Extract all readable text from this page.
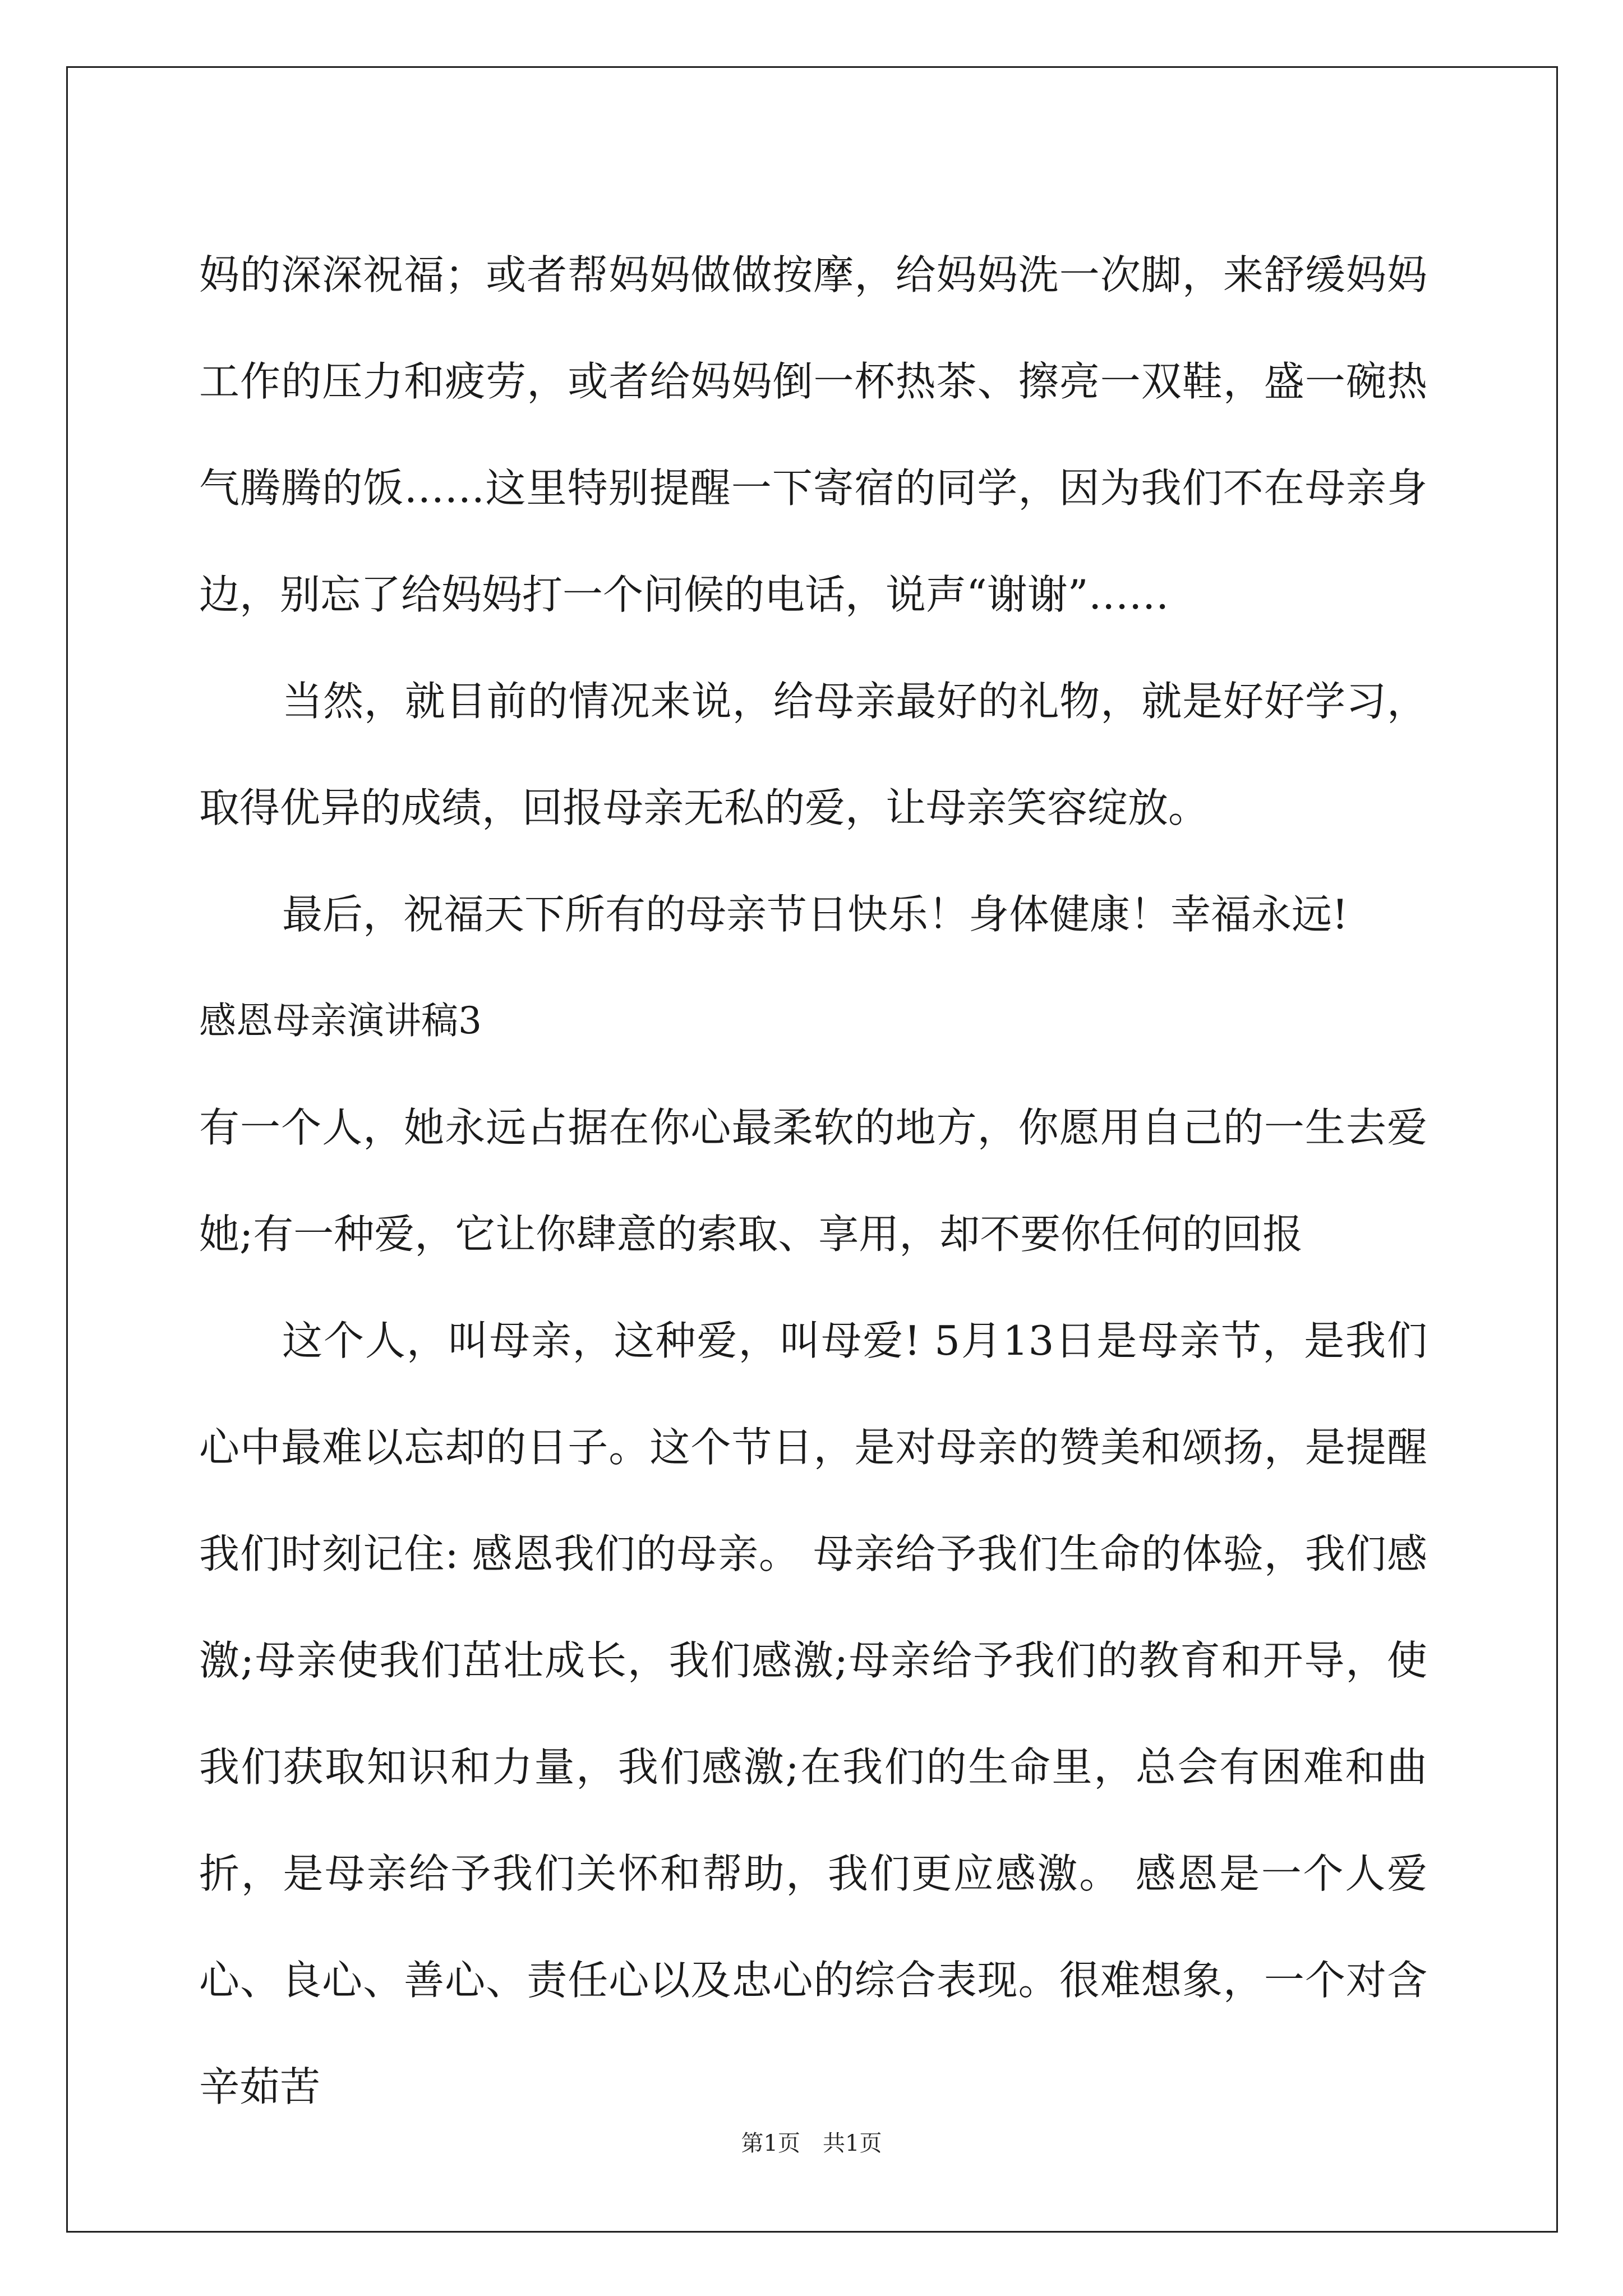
妈的深深祝福；或者帮妈妈做做按摩，给妈妈洗一次脚，来舒缓妈妈工作的压力和疲劳，或者给妈妈倒一杯热茶、擦亮一双鞋，盛一碗热气腾腾的饭……这里特别提醒一下寄宿的同学，因为我们不在母亲身边，别忘了给妈妈打一个问候的电话，说声“谢谢”……

当然，就目前的情况来说，给母亲最好的礼物，就是好好学习，取得优异的成绩，回报母亲无私的爱，让母亲笑容绽放。

最后，祝福天下所有的母亲节日快乐！身体健康！幸福永远!

感恩母亲演讲稿3

有一个人，她永远占据在你心最柔软的地方，你愿用自己的一生去爱她;有一种爱，它让你肆意的索取、享用，却不要你任何的回报

这个人，叫母亲，这种爱，叫母爱! 5月13日是母亲节，是我们心中最难以忘却的日子。这个节日，是对母亲的赞美和颂扬，是提醒我们时刻记住: 感恩我们的母亲。 母亲给予我们生命的体验，我们感激;母亲使我们茁壮成长，我们感激;母亲给予我们的教育和开导，使我们获取知识和力量，我们感激;在我们的生命里，总会有困难和曲折，是母亲给予我们关怀和帮助，我们更应感激。 感恩是一个人爱心、良心、善心、责任心以及忠心的综合表现。很难想象，一个对含辛茹苦

第1页　共1页
